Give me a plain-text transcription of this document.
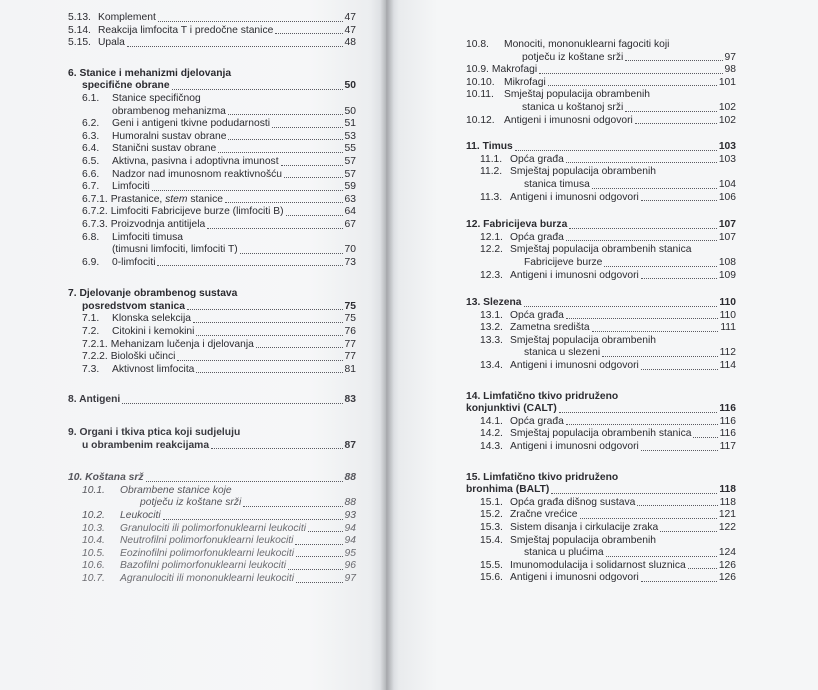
5.13. Komplement	47
5.14. Reakcija limfocita T i predočne stanice	47
5.15. Upala	48
6. Stanice i mehanizmi djelovanja
specifične obrane	50
6.1. Stanice specifičnog
obrambenog mehanizma	50
6.2.	Geni i antigeni tkivne podudarnosti	51
6.3.	Humoralni sustav obrane	53
6.4.	Stanični sustav obrane	55
6.5.	Aktivna, pasivna i adoptivna imunost	57
6.6.	Nadzor nad imunosnom reaktivnošću	57
6.7.	Limfociti	59
6.7.1. Prastanice, stem stanice	63
6.7.2. Limfociti Fabricijeve burze (limfociti B)	64
6.7.3. Proizvodnja antitijela	67
6.8. Limfociti timusa
(timusni limfociti, limfociti T)	70
6.9.	0-limfociti	73
7. Djelovanje obrambenog sustava
posredstvom stanica	75
7.1.	Klonska selekcija	75
7.2.	Citokini i kemokini	76
7.2.1. Mehanizam lučenja i djelovanja	77
7.2.2. Biološki učinci	77
7.3.	Aktivnost limfocita	81
8. Antigeni	83
9. Organi i tkiva ptica koji sudjeluju
u obrambenim reakcijama	87
10. Koštana srž	88
10.1. Obrambene stanice koje
potječu iz koštane srži	88
10.2.	Leukociti	93
10.3.	Granulociti ili polimorfonuklearni leukociti	94
10.4.	Neutrofilni polimorfonuklearni leukociti	94
10.5.	Eozinofilni polimorfonuklearni leukociti	95
10.6.	Bazofilni polimorfonuklearni leukociti	96
10.7.	Agranulociti ili mononuklearni leukociti	97
10.8. Monociti, mononuklearni fagociti koji
potječu iz koštane srži	97
10.9. Makrofagi	98
10.10. Mikrofagi	101
10.11. Smještaj populacija obrambenih
stanica u koštanoj srži	102
10.12. Antigeni i imunosni odgovori	102
11. Timus	103
11.1. Opća građa	103
11.2. Smještaj populacija obrambenih
stanica timusa	104
11.3. Antigeni i imunosni odgovori	106
12. Fabricijeva burza	107
12.1. Opća građa	107
12.2. Smještaj populacija obrambenih stanica
Fabricijeve burze	108
12.3. Antigeni i imunosni odgovori	109
13. Slezena	110
13.1. Opća građa	110
13.2. Zametna središta	111
13.3. Smještaj populacija obrambenih
stanica u slezeni	112
13.4. Antigeni i imunosni odgovori	114
14. Limfatično tkivo pridruženo
konjunktivi (CALT)	116
14.1. Opća građa	116
14.2. Smještaj populacija obrambenih stanica	116
14.3. Antigeni i imunosni odgovori	117
15. Limfatično tkivo pridruženo
bronhima (BALT)	118
15.1. Opća građa dišnog sustava	118
15.2. Zračne vrećice	121
15.3. Sistem disanja i cirkulacije zraka	122
15.4. Smještaj populacija obrambenih
stanica u plućima	124
15.5. Imunomodulacija i solidarnost sluznica	126
15.6. Antigeni i imunosni odgovori	126
